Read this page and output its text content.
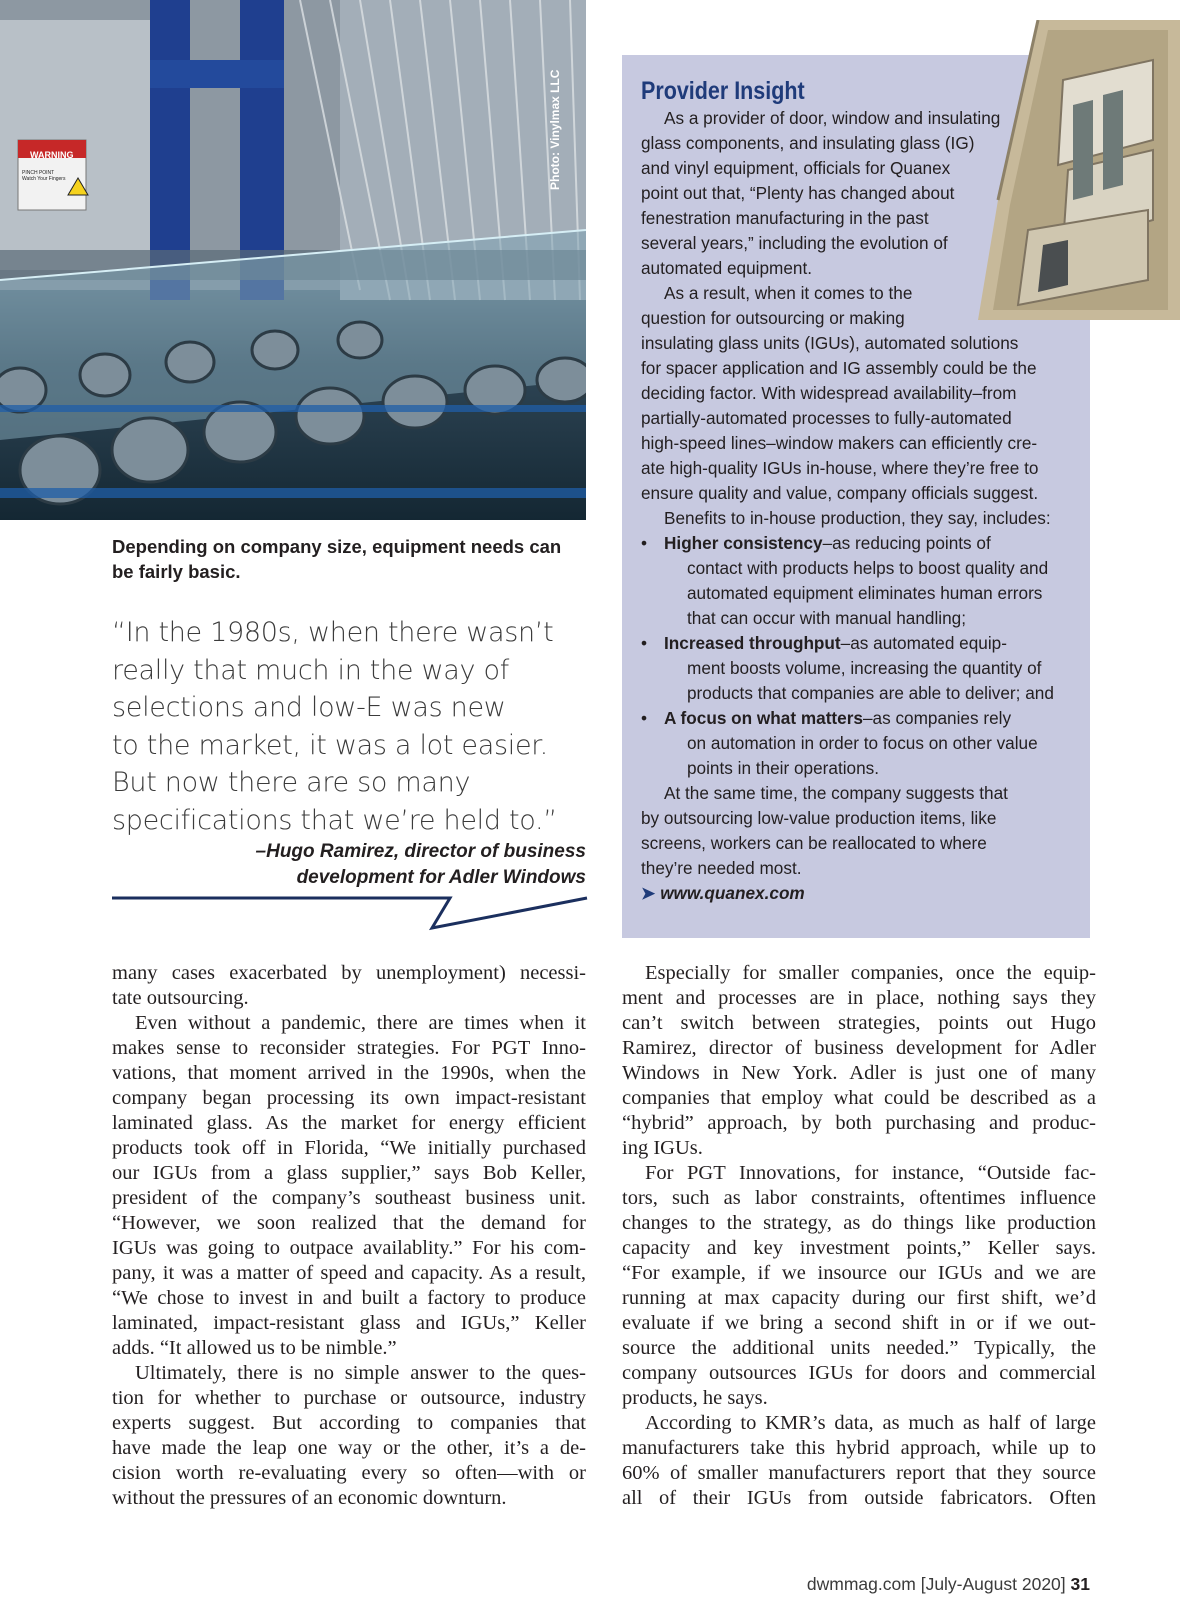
WARNING
PINCH POINT Watch Your Fingers	Photo: Vinylmax LLC
Depending on company size, equipment needs can be fairly basic.
“In the 1980s, when there wasn’t
really that much in the way of
selections and low-E was new
to the market, it was a lot easier.
But now there are so many
specifications that we’re held to.”
–Hugo Ramirez, director of business
development for Adler Windows
Provider Insight
As a provider of door, window and insulating
glass components, and insulating glass (IG)
and vinyl equipment, officials for Quanex
point out that, “Plenty has changed about
fenestration manufacturing in the past
several years,” including the evolution of
automated equipment.
As a result, when it comes to the
question for outsourcing or making
insulating glass units (IGUs), automated solutions
for spacer application and IG assembly could be the
deciding factor. With widespread availability–from
partially-automated processes to fully-automated
high-speed lines–window makers can efficiently cre-
ate high-quality IGUs in-house, where they’re free to
ensure quality and value, company officials suggest.
Benefits to in-house production, they say, includes:
• Higher consistency–as reducing points of
contact with products helps to boost quality and
automated equipment eliminates human errors
that can occur with manual handling;
• Increased throughput–as automated equip-
ment boosts volume, increasing the quantity of
products that companies are able to deliver; and
• A focus on what matters–as companies rely
on automation in order to focus on other value
points in their operations.
At the same time, the company suggests that
by outsourcing low-value production items, like
screens, workers can be reallocated to where
they’re needed most.
➤ www.quanex.com
many cases exacerbated by unemployment) necessi-
tate outsourcing.
Even without a pandemic, there are times when it
makes sense to reconsider strategies. For PGT Inno-
vations, that moment arrived in the 1990s, when the
company began processing its own impact-resistant
laminated glass. As the market for energy efficient
products took off in Florida, “We initially purchased
our IGUs from a glass supplier,” says Bob Keller,
president of the company’s southeast business unit.
“However, we soon realized that the demand for
IGUs was going to outpace availablity.” For his com-
pany, it was a matter of speed and capacity. As a result,
“We chose to invest in and built a factory to produce
laminated, impact-resistant glass and IGUs,” Keller
adds. “It allowed us to be nimble.”
Ultimately, there is no simple answer to the ques-
tion for whether to purchase or outsource, industry
experts suggest. But according to companies that
have made the leap one way or the other, it’s a de-
cision worth re-evaluating every so often—with or
without the pressures of an economic downturn.
Especially for smaller companies, once the equip-
ment and processes are in place, nothing says they
can’t switch between strategies, points out Hugo
Ramirez, director of business development for Adler
Windows in New York. Adler is just one of many
companies that employ what could be described as a
“hybrid” approach, by both purchasing and produc-
ing IGUs.
For PGT Innovations, for instance, “Outside fac-
tors, such as labor constraints, oftentimes influence
changes to the strategy, as do things like production
capacity and key investment points,” Keller says.
“For example, if we insource our IGUs and we are
running at max capacity during our first shift, we’d
evaluate if we bring a second shift in or if we out-
source the additional units needed.” Typically, the
company outsources IGUs for doors and commercial
products, he says.
According to KMR’s data, as much as half of large
manufacturers take this hybrid approach, while up to
60% of smaller manufacturers report that they source
all of their IGUs from outside fabricators. Often
dwmmag.com [July-August 2020] 31
